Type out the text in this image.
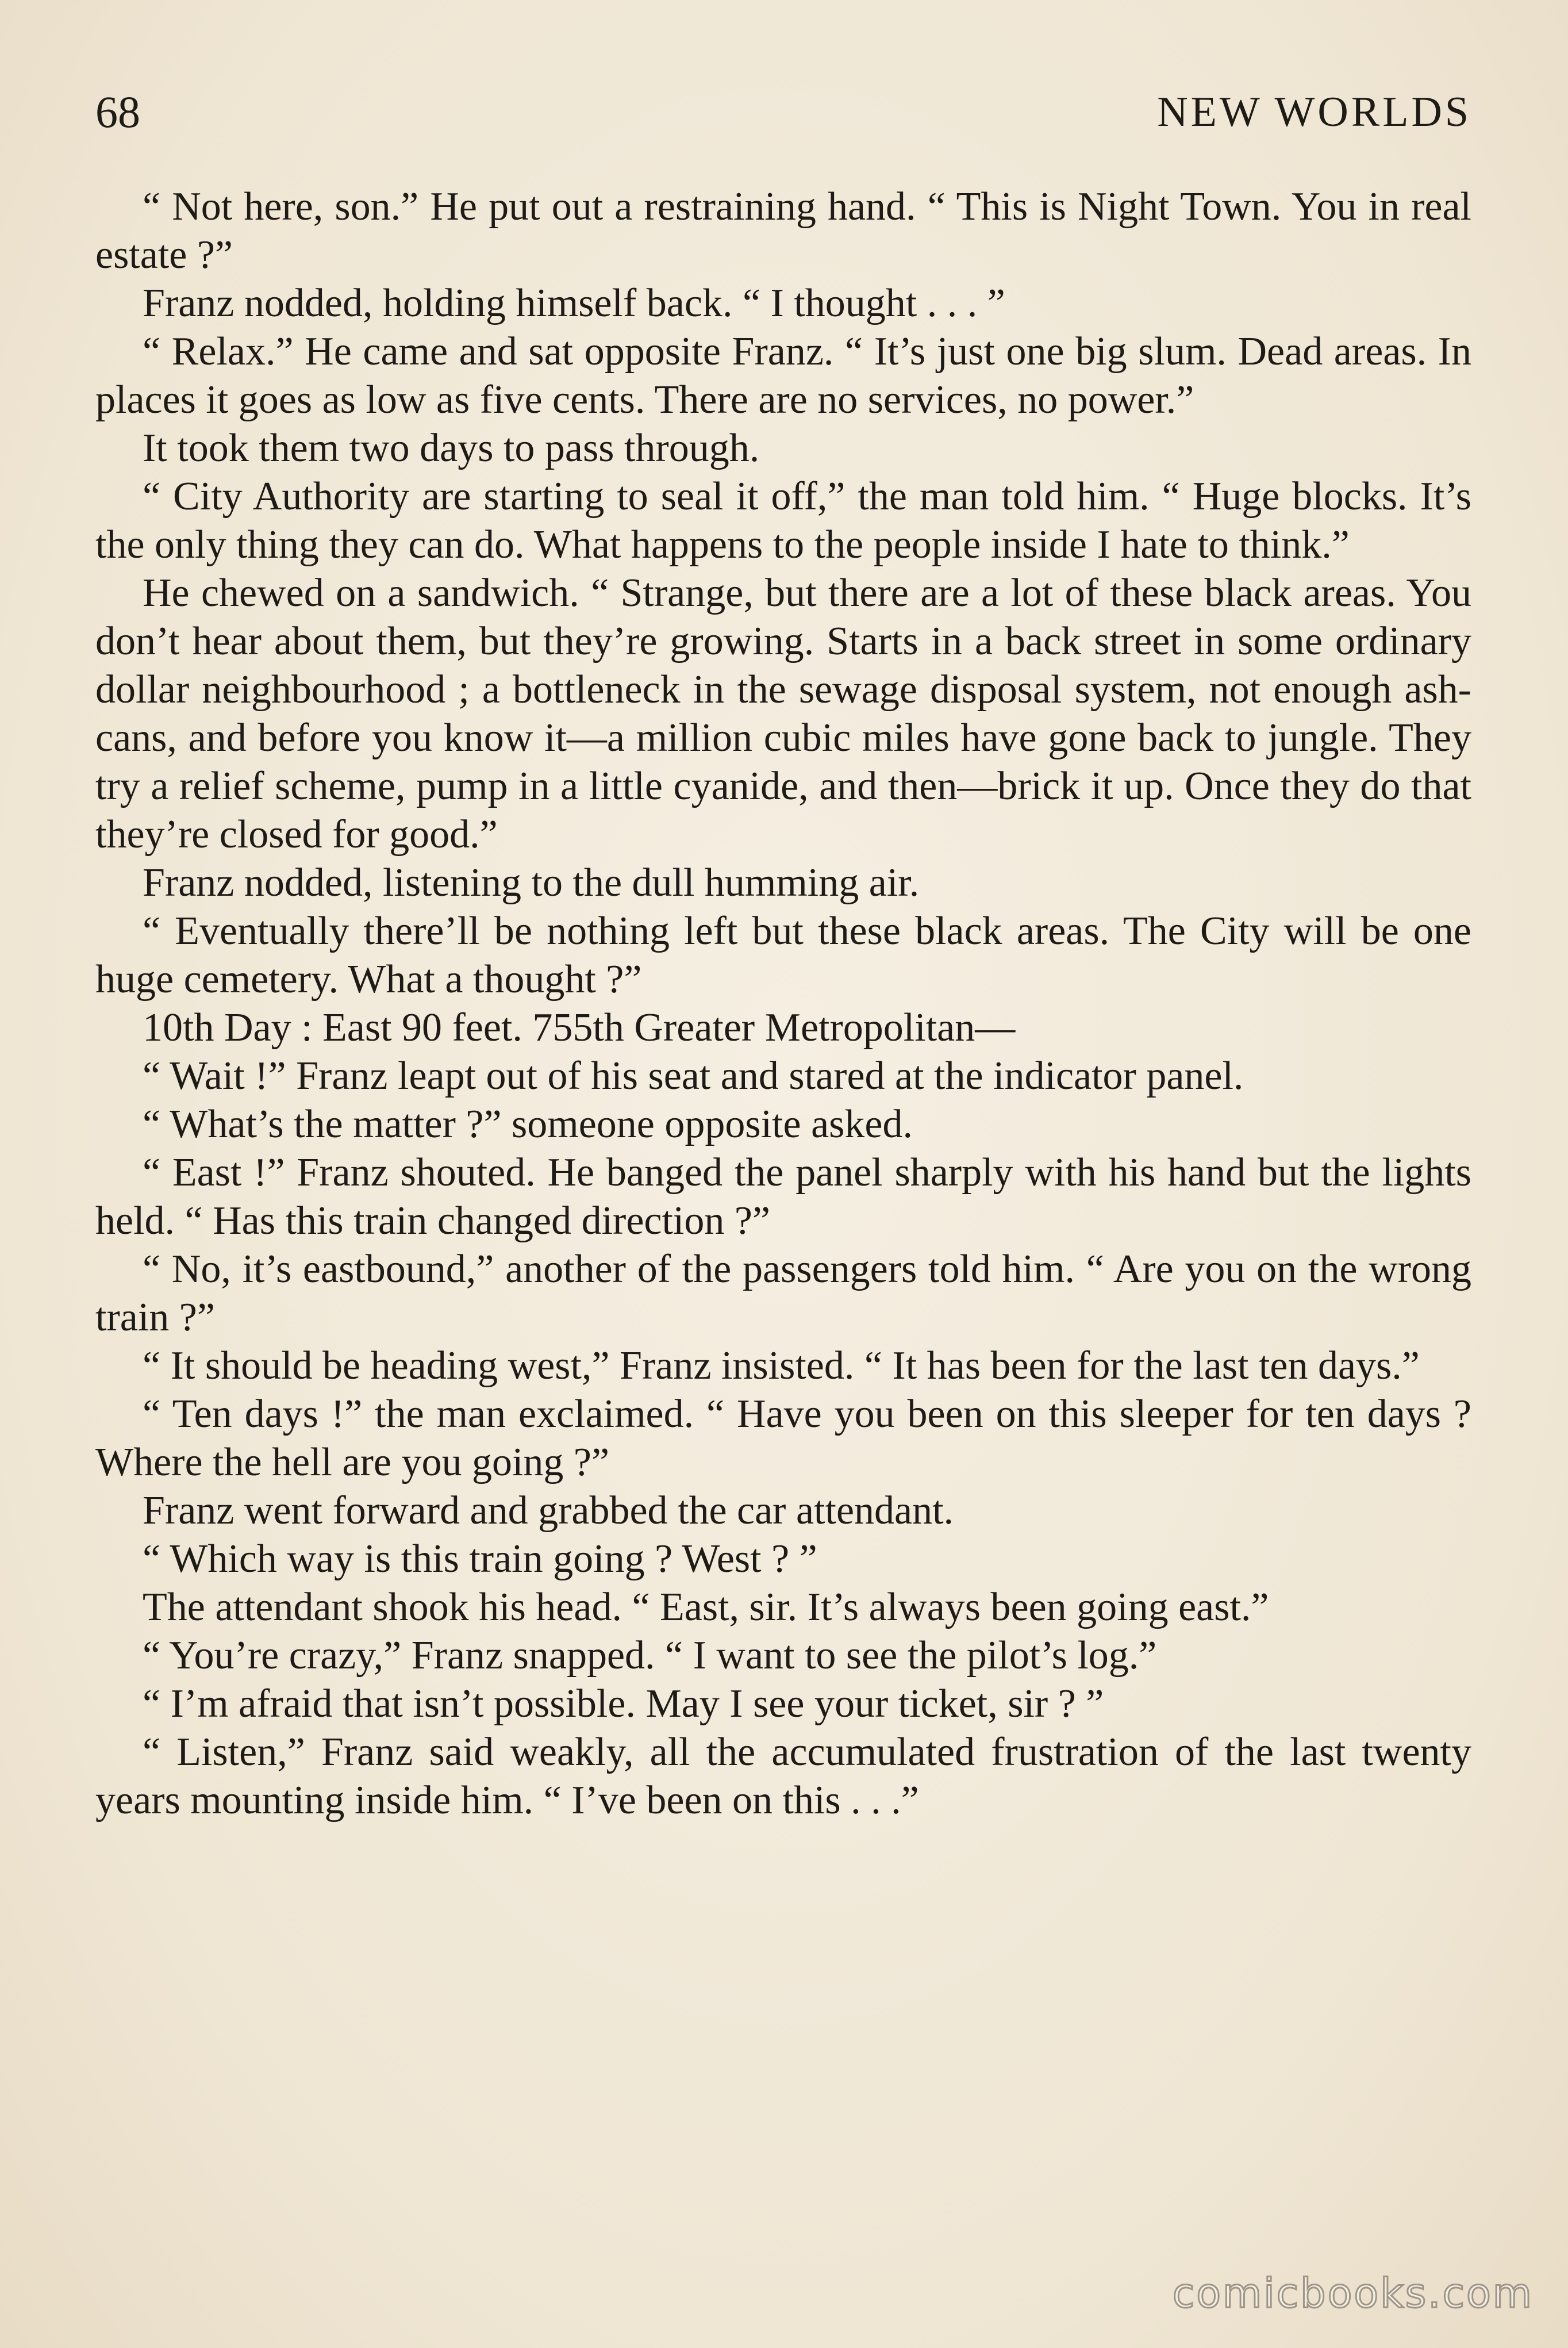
68	NEW WORLDS

“ Not here, son.” He put out a restraining hand. “ This is Night Town. You in real estate ?”

Franz nodded, holding himself back. “ I thought . . . ”

“ Relax.” He came and sat opposite Franz. “ It’s just one big slum. Dead areas. In places it goes as low as five cents. There are no services, no power.”

It took them two days to pass through.

“ City Authority are starting to seal it off,” the man told him. “ Huge blocks. It’s the only thing they can do. What happens to the people inside I hate to think.”

He chewed on a sandwich. “ Strange, but there are a lot of these black areas. You don’t hear about them, but they’re growing. Starts in a back street in some ordinary dollar neighbourhood ; a bottleneck in the sewage disposal system, not enough ash-cans, and before you know it—a million cubic miles have gone back to jungle. They try a relief scheme, pump in a little cyanide, and then—brick it up. Once they do that they’re closed for good.”

Franz nodded, listening to the dull humming air.

“ Eventually there’ll be nothing left but these black areas. The City will be one huge cemetery. What a thought ?”

10th Day : East 90 feet. 755th Greater Metropolitan—

“ Wait !” Franz leapt out of his seat and stared at the indicator panel.

“ What’s the matter ?” someone opposite asked.

“ East !” Franz shouted. He banged the panel sharply with his hand but the lights held. “ Has this train changed direction ?”

“ No, it’s eastbound,” another of the passengers told him. “ Are you on the wrong train ?”

“ It should be heading west,” Franz insisted. “ It has been for the last ten days.”

“ Ten days !” the man exclaimed. “ Have you been on this sleeper for ten days ? Where the hell are you going ?”

Franz went forward and grabbed the car attendant.

“ Which way is this train going ? West ? ”

The attendant shook his head. “ East, sir. It’s always been going east.”

“ You’re crazy,” Franz snapped. “ I want to see the pilot’s log.”

“ I’m afraid that isn’t possible. May I see your ticket, sir ? ”

“ Listen,” Franz said weakly, all the accumulated frustration of the last twenty years mounting inside him. “ I’ve been on this . . .”

comicbooks.com
